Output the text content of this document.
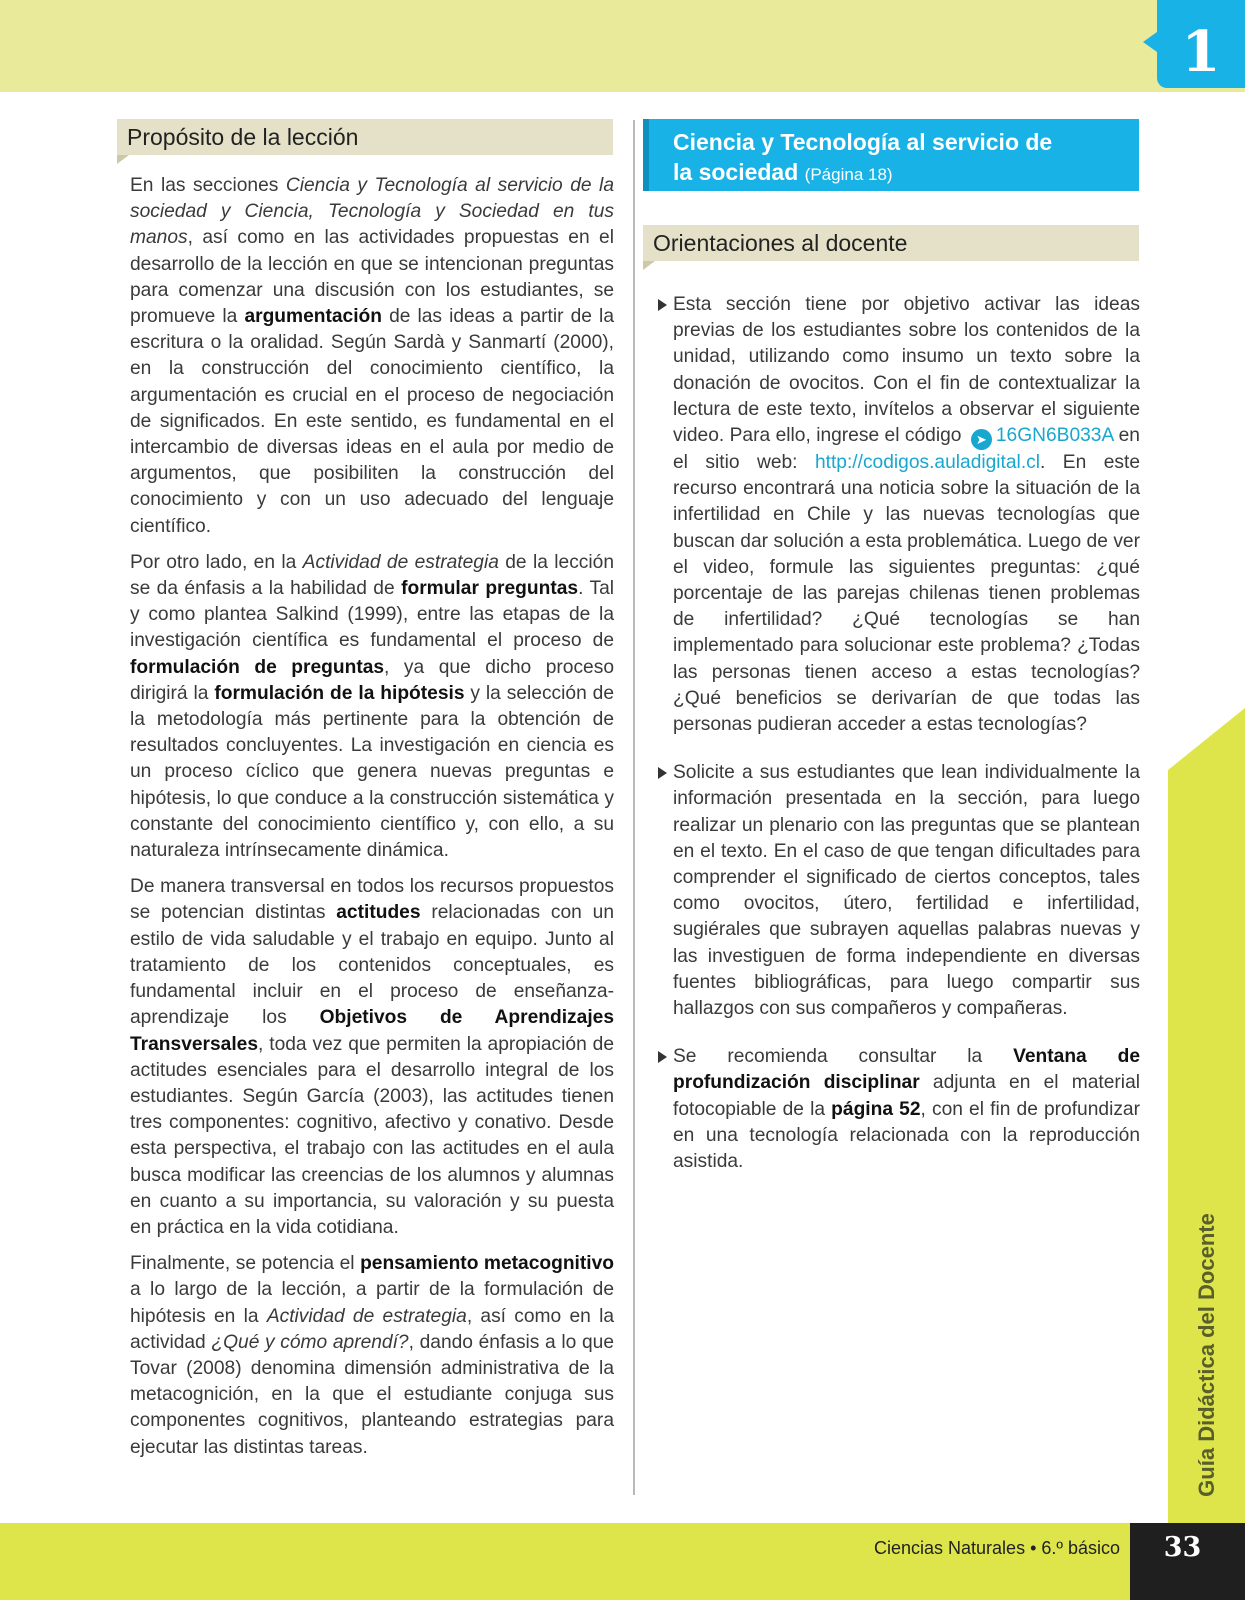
1
Propósito de la lección

En las secciones Ciencia y Tecnología al servicio de la sociedad y Ciencia, Tecnología y Sociedad en tus manos, así como en las actividades propuestas en el desarrollo de la lección en que se intencionan preguntas para comenzar una discusión con los estudiantes, se promueve la argumentación de las ideas a partir de la escritura o la oralidad. Según Sardà y Sanmartí (2000), en la construcción del conocimiento científico, la argumentación es crucial en el proceso de negociación de significados. En este sentido, es fundamental en el intercambio de diversas ideas en el aula por medio de argumentos, que posibiliten la construcción del conocimiento y con un uso adecuado del lenguaje científico.

Por otro lado, en la Actividad de estrategia de la lección se da énfasis a la habilidad de formular preguntas. Tal y como plantea Salkind (1999), entre las etapas de la investigación científica es fundamental el proceso de formulación de preguntas, ya que dicho proceso dirigirá la formulación de la hipótesis y la selección de la metodología más pertinente para la obtención de resultados concluyentes. La investigación en ciencia es un proceso cíclico que genera nuevas preguntas e hipótesis, lo que conduce a la construcción sistemática y constante del conocimiento científico y, con ello, a su naturaleza intrínsecamente dinámica.

De manera transversal en todos los recursos propuestos se potencian distintas actitudes relacionadas con un estilo de vida saludable y el trabajo en equipo. Junto al tratamiento de los contenidos conceptuales, es fundamental incluir en el proceso de enseñanza-aprendizaje los Objetivos de Aprendizajes Transversales, toda vez que permiten la apropiación de actitudes esenciales para el desarrollo integral de los estudiantes. Según García (2003), las actitudes tienen tres componentes: cognitivo, afectivo y conativo. Desde esta perspectiva, el trabajo con las actitudes en el aula busca modificar las creencias de los alumnos y alumnas en cuanto a su importancia, su valoración y su puesta en práctica en la vida cotidiana.

Finalmente, se potencia el pensamiento metacognitivo a lo largo de la lección, a partir de la formulación de hipótesis en la Actividad de estrategia, así como en la actividad ¿Qué y cómo aprendí?, dando énfasis a lo que Tovar (2008) denomina dimensión administrativa de la metacognición, en la que el estudiante conjuga sus componentes cognitivos, planteando estrategias para ejecutar las distintas tareas.

Ciencia y Tecnología al servicio de
la sociedad (Página 18)
Orientaciones al docente
Esta sección tiene por objetivo activar las ideas previas de los estudiantes sobre los contenidos de la unidad, utilizando como insumo un texto sobre la donación de ovocitos. Con el fin de contextualizar la lectura de este texto, invítelos a observar el siguiente video. Para ello, ingrese el código ➤ 16GN6B033A en el sitio web: http://codigos.auladigital.cl. En este recurso encontrará una noticia sobre la situación de la infertilidad en Chile y las nuevas tecnologías que buscan dar solución a esta problemática. Luego de ver el video, formule las siguientes preguntas: ¿qué porcentaje de las parejas chilenas tienen problemas de infertilidad? ¿Qué tecnologías se han implementado para solucionar este problema? ¿Todas las personas tienen acceso a estas tecnologías? ¿Qué beneficios se derivarían de que todas las personas pudieran acceder a estas tecnologías?
Solicite a sus estudiantes que lean individualmente la información presentada en la sección, para luego realizar un plenario con las preguntas que se plantean en el texto. En el caso de que tengan dificultades para comprender el significado de ciertos conceptos, tales como ovocitos, útero, fertilidad e infertilidad, sugiérales que subrayen aquellas palabras nuevas y las investiguen de forma independiente en diversas fuentes bibliográficas, para luego compartir sus hallazgos con sus compañeros y compañeras.
Se recomienda consultar la Ventana de profundización disciplinar adjunta en el material fotocopiable de la página 52, con el fin de profundizar en una tecnología relacionada con la reproducción asistida.
Guía Didáctica del Docente
Ciencias Naturales • 6.º básico	33
